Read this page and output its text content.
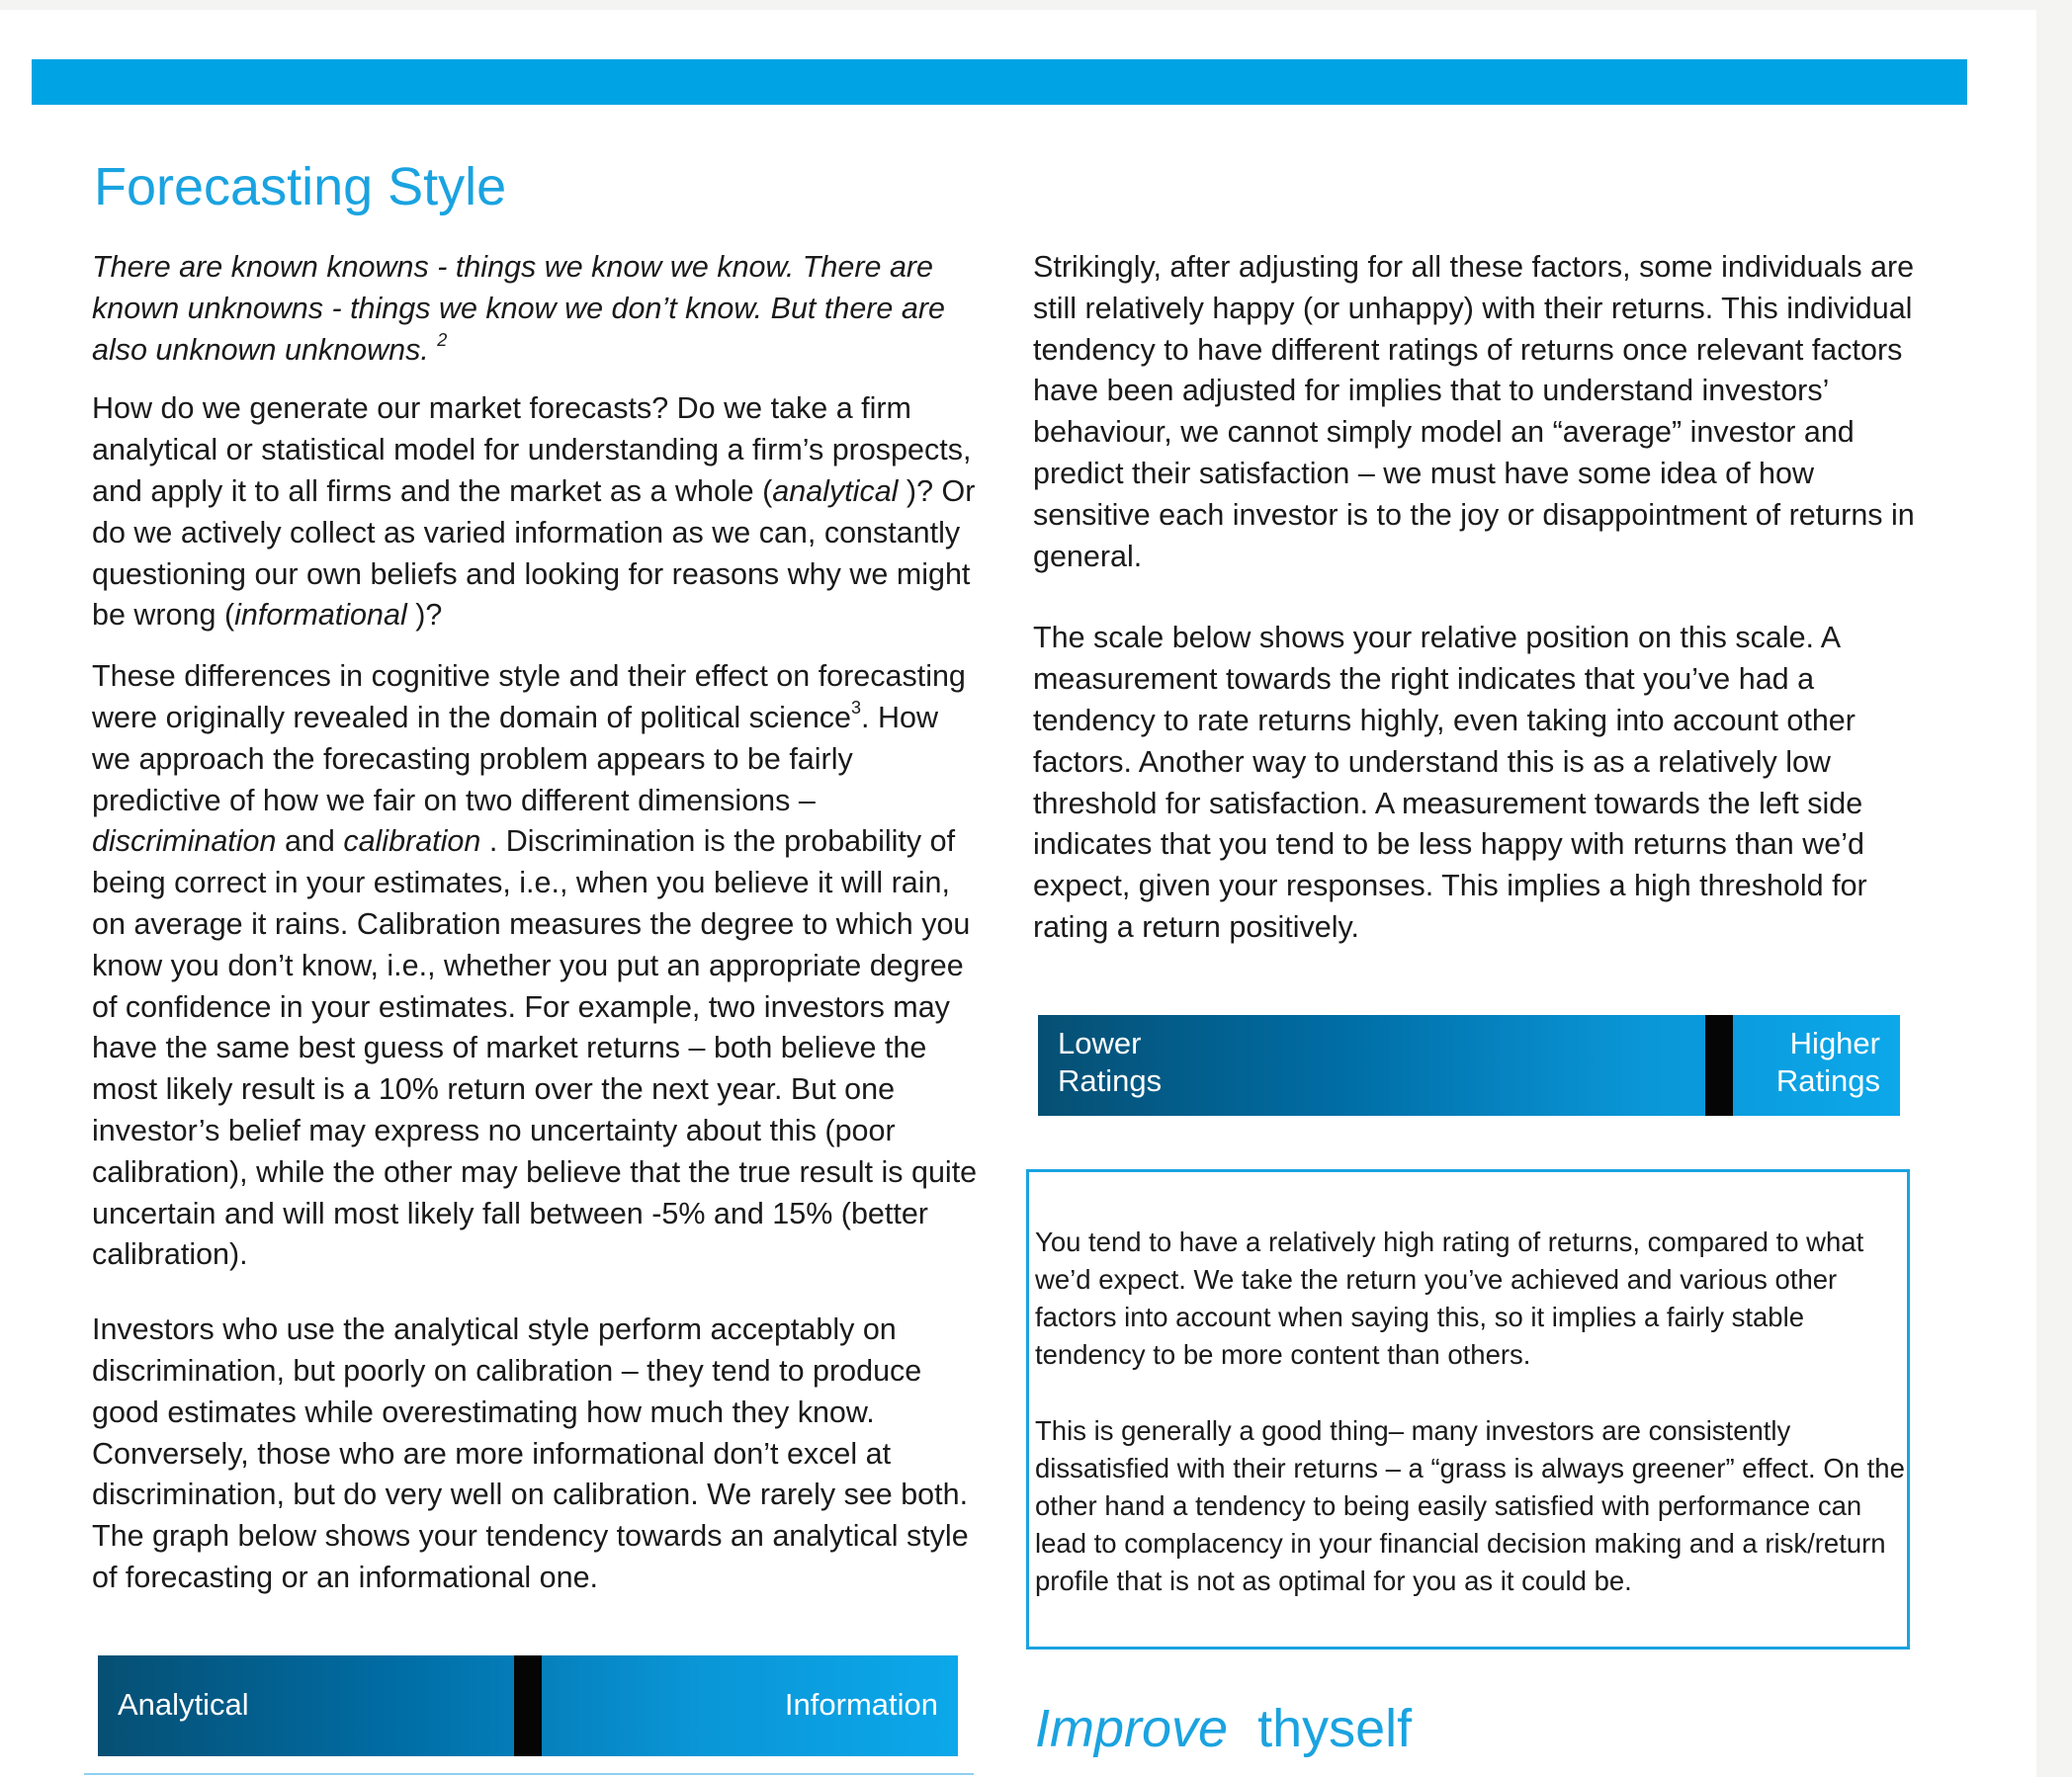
Forecasting Style

There are known knowns - things we know we know. There are known unknowns - things we know we don’t know. But there are also unknown unknowns. $^2$

How do we generate our market forecasts? Do we take a firm analytical or statistical model for understanding a firm’s prospects, and apply it to all firms and the market as a whole (analytical )? Or do we actively collect as varied information as we can, constantly questioning our own beliefs and looking for reasons why we might be wrong (informational )?

These differences in cognitive style and their effect on forecasting were originally revealed in the domain of political science$^3$. How we approach the forecasting problem appears to be fairly predictive of how we fair on two different dimensions – discrimination and calibration . Discrimination is the probability of being correct in your estimates, i.e., when you believe it will rain, on average it rains. Calibration measures the degree to which you know you don’t know, i.e., whether you put an appropriate degree of confidence in your estimates. For example, two investors may have the same best guess of market returns – both believe the most likely result is a 10% return over the next year. But one investor’s belief may express no uncertainty about this (poor calibration), while the other may believe that the true result is quite uncertain and will most likely fall between -5% and 15% (better calibration).

Investors who use the analytical style perform acceptably on discrimination, but poorly on calibration – they tend to produce good estimates while overestimating how much they know. Conversely, those who are more informational don’t excel at discrimination, but do very well on calibration. We rarely see both. The graph below shows your tendency towards an analytical style of forecasting or an informational one.

Strikingly, after adjusting for all these factors, some individuals are still relatively happy (or unhappy) with their returns. This individual tendency to have different ratings of returns once relevant factors have been adjusted for implies that to understand investors’ behaviour, we cannot simply model an “average” investor and predict their satisfaction – we must have some idea of how sensitive each investor is to the joy or disappointment of returns in general.

The scale below shows your relative position on this scale. A measurement towards the right indicates that you’ve had a tendency to rate returns highly, even taking into account other factors. Another way to understand this is as a relatively low threshold for satisfaction. A measurement towards the left side indicates that you tend to be less happy with returns than we’d expect, given your responses. This implies a high threshold for rating a return positively.

Lower Ratings
Higher Ratings

You tend to have a relatively high rating of returns, compared to what we’d expect. We take the return you’ve achieved and various other factors into account when saying this, so it implies a fairly stable tendency to be more content than others.

This is generally a good thing– many investors are consistently dissatisfied with their returns – a “grass is always greener” effect. On the other hand a tendency to being easily satisfied with performance can lead to complacency in your financial decision making and a risk/return profile that is not as optimal for you as it could be.

Analytical	Information Improve thyself
